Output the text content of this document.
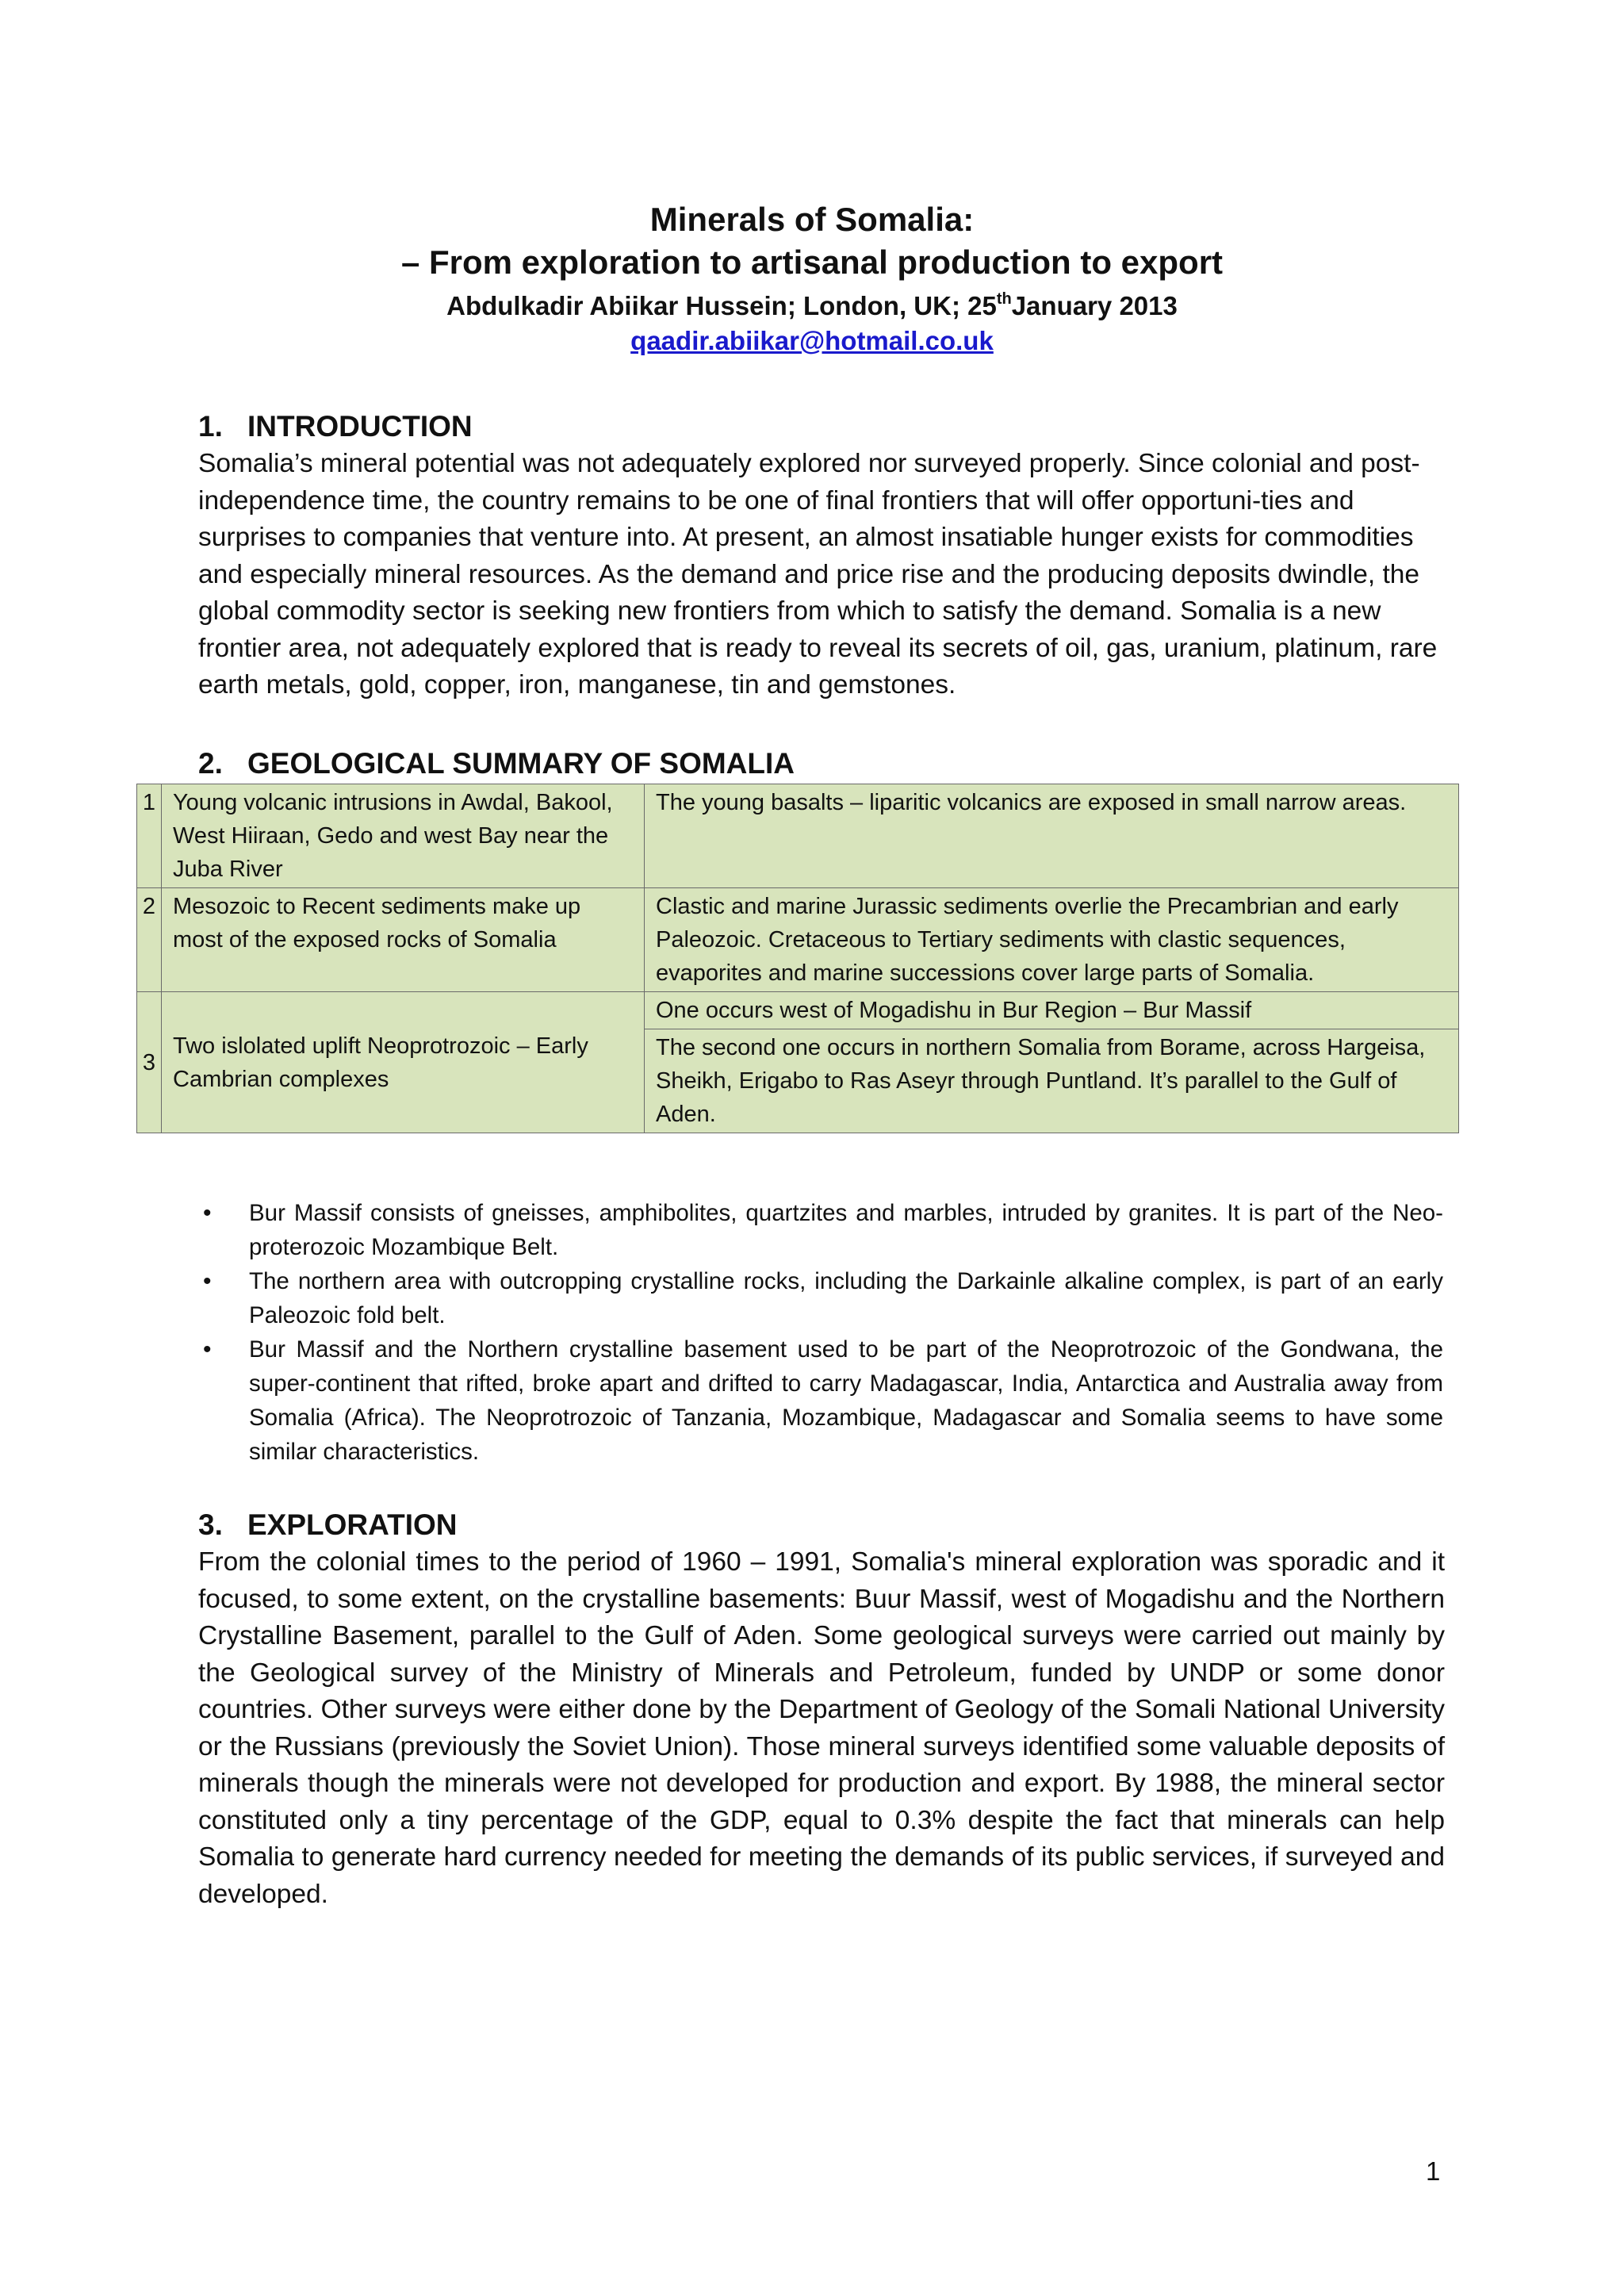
Minerals of Somalia:
– From exploration to artisanal production to export
Abdulkadir Abiikar Hussein; London, UK; 25thJanuary 2013
qaadir.abiikar@hotmail.co.uk
1. INTRODUCTION

Somalia’s mineral potential was not adequately explored nor surveyed properly. Since colonial and post-independence time, the country remains to be one of final frontiers that will offer opportuni-ties and surprises to companies that venture into. At present, an almost insatiable hunger exists for commodities and especially mineral resources. As the demand and price rise and the producing deposits dwindle, the global commodity sector is seeking new frontiers from which to satisfy the demand. Somalia is a new frontier area, not adequately explored that is ready to reveal its secrets of oil, gas, uranium, platinum, rare earth metals, gold, copper, iron, manganese, tin and gemstones.

2. GEOLOGICAL SUMMARY OF SOMALIA
1	Young volcanic intrusions in Awdal, Bakool, West Hiiraan, Gedo and west Bay near the Juba River	The young basalts – liparitic volcanics are exposed in small narrow areas.
2	Mesozoic to Recent sediments make up most of the exposed rocks of Somalia	Clastic and marine Jurassic sediments overlie the Precambrian and early Paleozoic. Cretaceous to Tertiary sediments with clastic sequences, evaporites and marine successions cover large parts of Somalia.
3	Two islolated uplift Neoprotrozoic – Early Cambrian complexes	One occurs west of Mogadishu in Bur Region – Bur Massif
		The second one occurs in northern Somalia from Borame, across Hargeisa, Sheikh, Erigabo to Ras Aseyr through Puntland. It’s parallel to the Gulf of Aden.
• Bur Massif consists of gneisses, amphibolites, quartzites and marbles, intruded by granites. It is part of the Neo-proterozoic Mozambique Belt.
• The northern area with outcropping crystalline rocks, including the Darkainle alkaline complex, is part of an early Paleozoic fold belt.
• Bur Massif and the Northern crystalline basement used to be part of the Neoprotrozoic of the Gondwana, the super-continent that rifted, broke apart and drifted to carry Madagascar, India, Antarctica and Australia away from Somalia (Africa). The Neoprotrozoic of Tanzania, Mozambique, Madagascar and Somalia seems to have some similar characteristics.
3. EXPLORATION

From the colonial times to the period of 1960 – 1991, Somalia's mineral exploration was sporadic and it focused, to some extent, on the crystalline basements: Buur Massif, west of Mogadishu and the Northern Crystalline Basement, parallel to the Gulf of Aden. Some geological surveys were carried out mainly by the Geological survey of the Ministry of Minerals and Petroleum, funded by UNDP or some donor countries. Other surveys were either done by the Department of Geology of the Somali National University or the Russians (previously the Soviet Union). Those mineral surveys identified some valuable deposits of minerals though the minerals were not developed for production and export. By 1988, the mineral sector constituted only a tiny percentage of the GDP, equal to 0.3% despite the fact that minerals can help Somalia to generate hard currency needed for meeting the demands of its public services, if surveyed and developed.

1
